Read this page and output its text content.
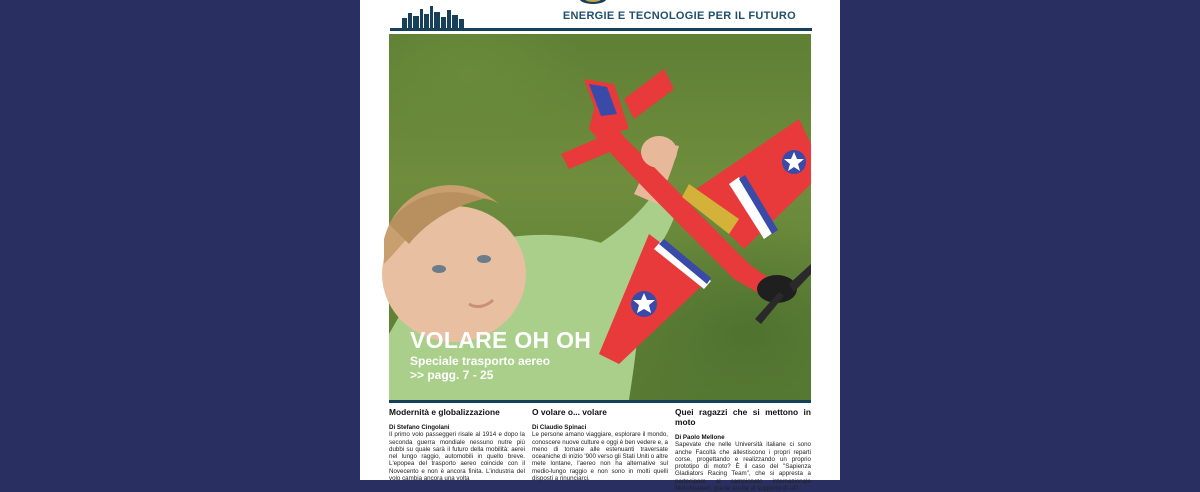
ENERGIE E TECNOLOGIE PER IL FUTURO
VOLARE OH OH
Speciale trasporto aereo
>> pagg. 7 - 25
Modernità e globalizzazione
Di Stefano Cingolani
Il primo volo passeggeri risale al 1914 e dopo la seconda guerra mondiale nessuno nutre più dubbi su quale sarà il futuro della mobilità: aerei nel lungo raggio, automobili in quello breve. L'epopea del trasporto aereo coincide con il Novecento e non è ancora finita. L'industria del volo cambia ancora una volta
O volare o... volare
Di Claudio Spinaci
Le persone amano viaggiare, esplorare il mondo, conoscere nuove culture e oggi è ben vedere e, a meno di tornare alle estenuanti traversate oceaniche di inizio '900 verso gli Stati Uniti o altre mete lontane, l'aereo non ha alternative sul medio-lungo raggio e non sono in molti quelli disposti a rinunciarci.
Quei ragazzi che si mettono in moto
Di Paolo Mellone
Sapevate che nelle Università italiane ci sono anche Facoltà che allestiscono i propri reparti corse, progettando e realizzando un proprio prototipo di moto? È il caso del "Sapienza Gladiators Racing Team", che si appresta a partecipare al campionato internazionale MotoStudent, grazie anche al supporto di UP.
